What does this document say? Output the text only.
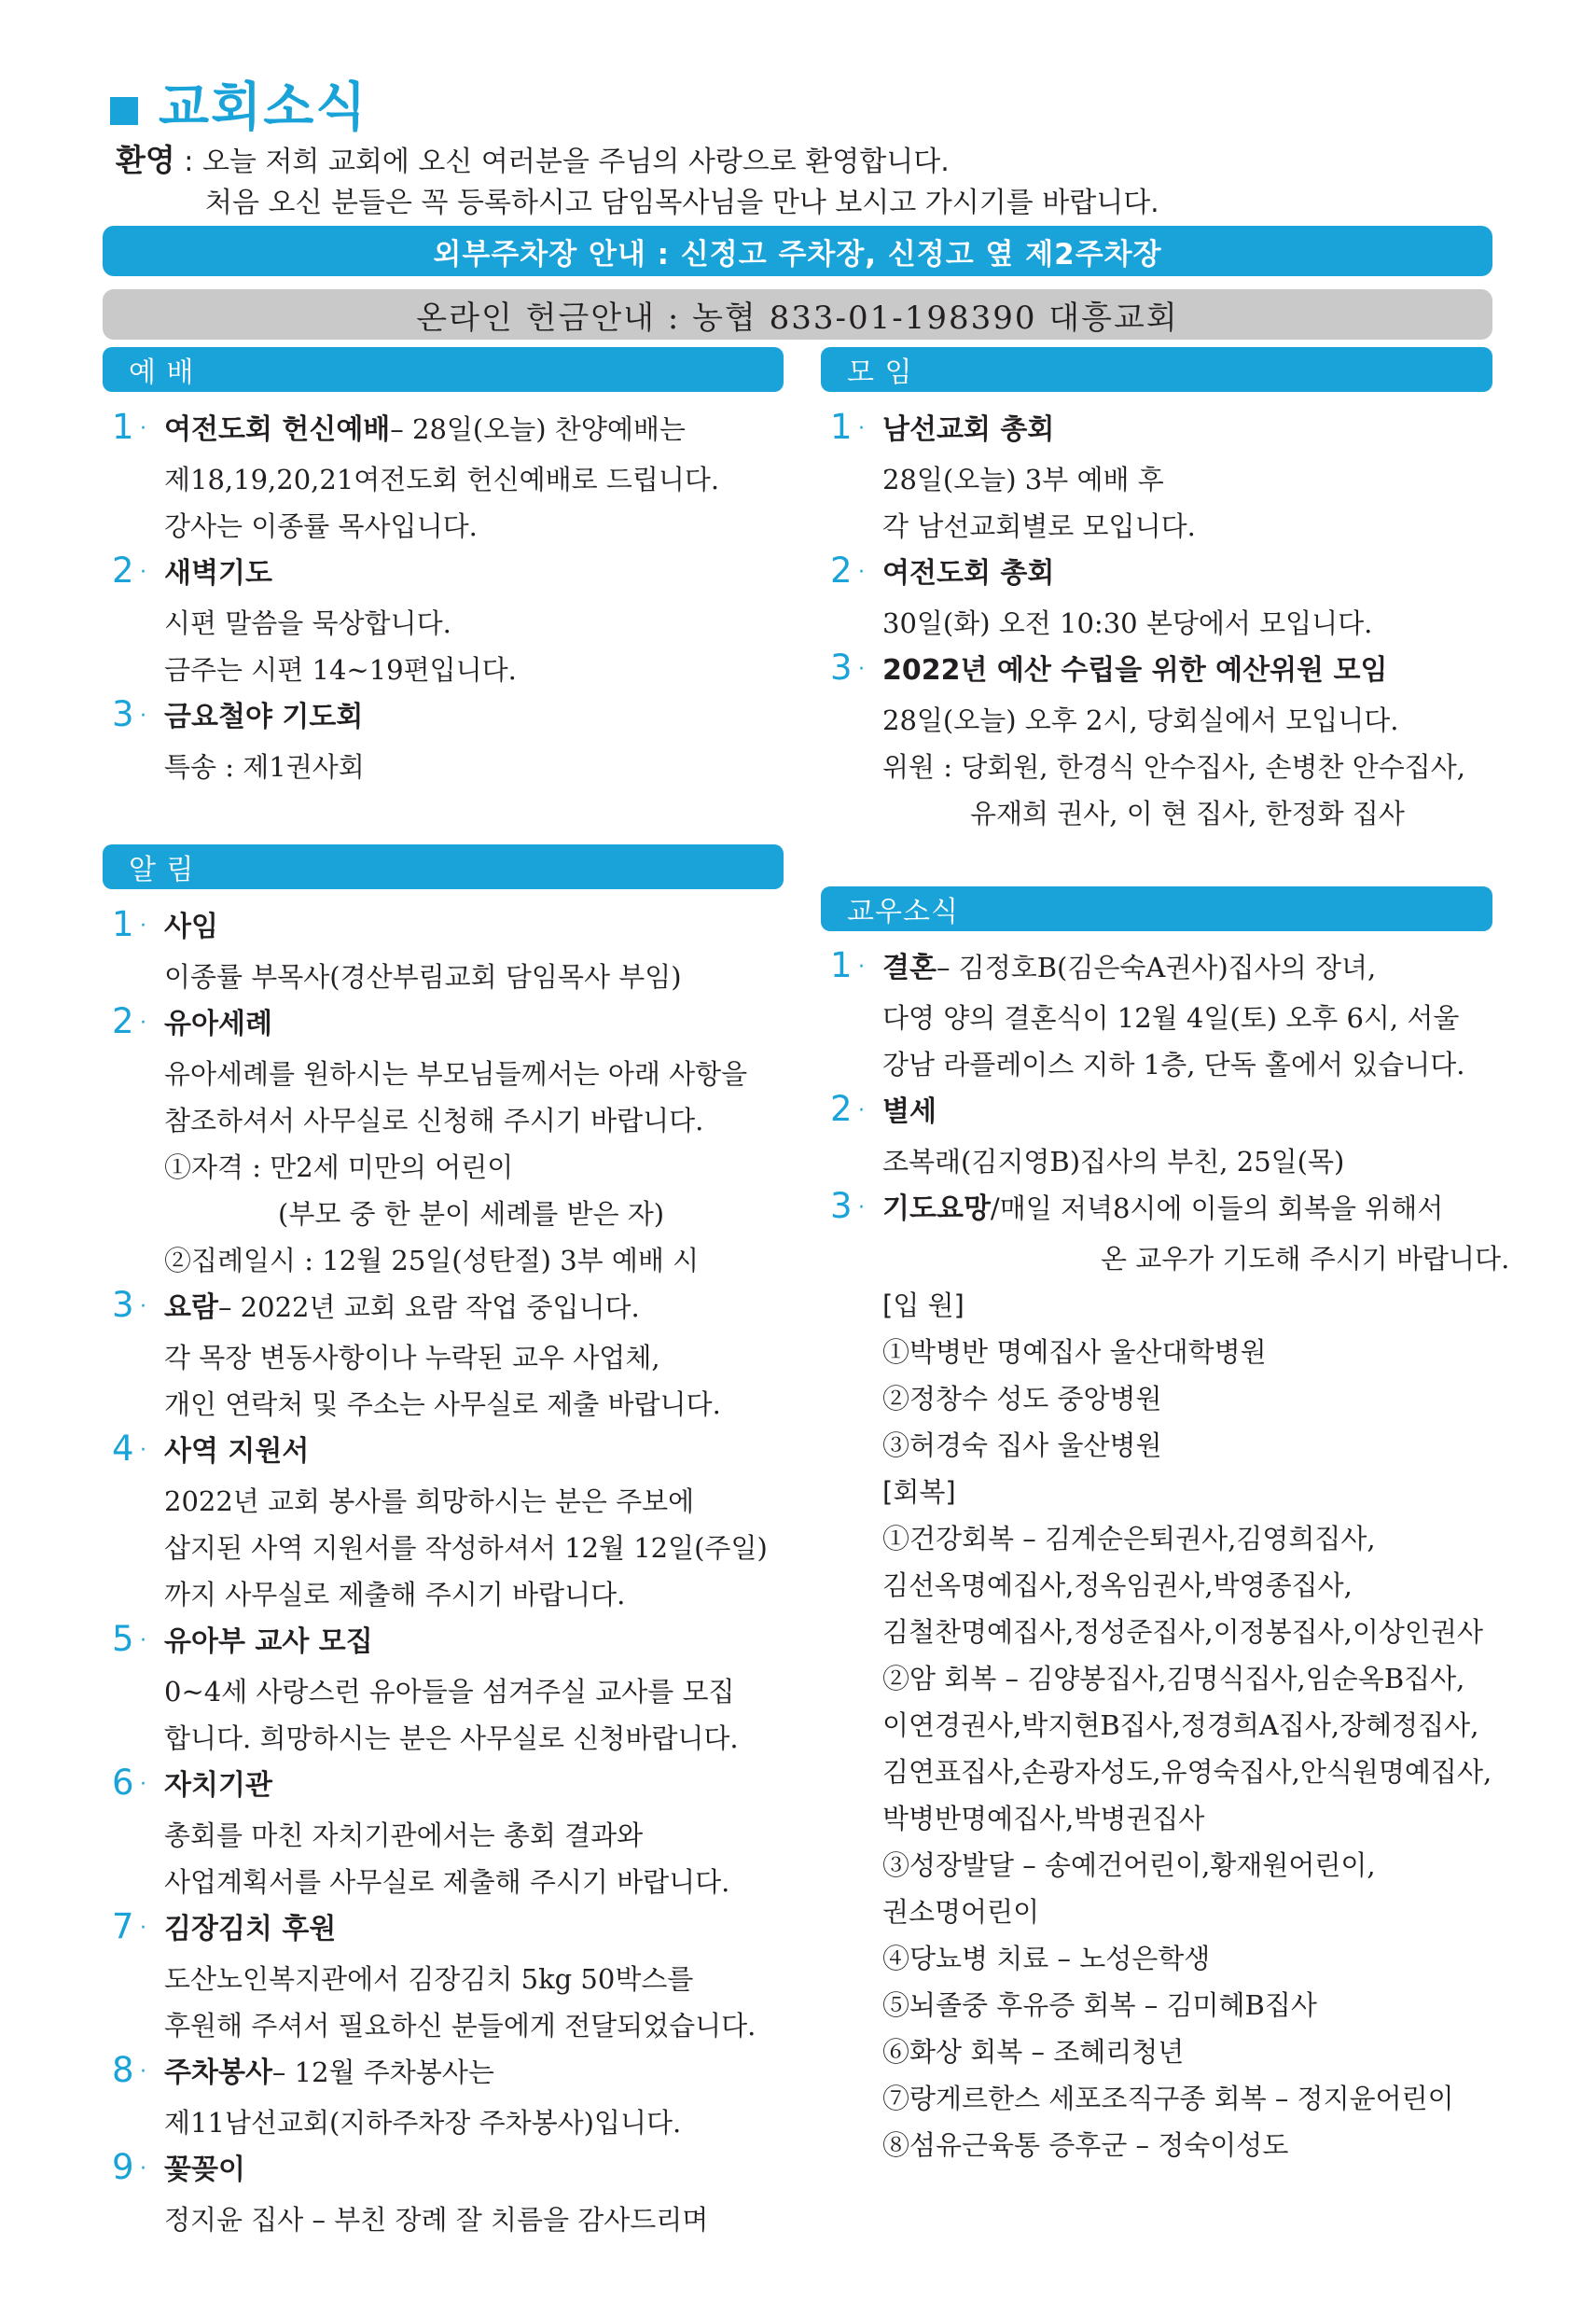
교회소식
환영 : 오늘 저희 교회에 오신 여러분을 주님의 사랑으로 환영합니다.
처음 오신 분들은 꼭 등록하시고 담임목사님을 만나 보시고 가시기를 바랍니다.
외부주차장 안내 : 신정고 주차장, 신정고 옆 제2주차장
온라인 헌금안내 : 농협 833-01-198390 대흥교회
예 배	모 임
알 림
교우소식
1 · 여전도회 헌신예배 – 28일(오늘) 찬양예배는
제18,19,20,21여전도회 헌신예배로 드립니다.
강사는 이종률 목사입니다.
2 · 새벽기도
시편 말씀을 묵상합니다.
금주는 시편 14~19편입니다.
3 · 금요철야 기도회
특송 : 제1권사회
1 · 사임
이종률 부목사(경산부림교회 담임목사 부임)
2 · 유아세례
유아세례를 원하시는 부모님들께서는 아래 사항을
참조하셔서 사무실로 신청해 주시기 바랍니다.
①자격 : 만2세 미만의 어린이
(부모 중 한 분이 세례를 받은 자)
②집례일시 : 12월 25일(성탄절) 3부 예배 시
3 · 요람 – 2022년 교회 요람 작업 중입니다.
각 목장 변동사항이나 누락된 교우 사업체,
개인 연락처 및 주소는 사무실로 제출 바랍니다.
4 · 사역 지원서
2022년 교회 봉사를 희망하시는 분은 주보에
삽지된 사역 지원서를 작성하셔서 12월 12일(주일)
까지 사무실로 제출해 주시기 바랍니다.
5 · 유아부 교사 모집
0~4세 사랑스런 유아들을 섬겨주실 교사를 모집
합니다. 희망하시는 분은 사무실로 신청바랍니다.
6 · 자치기관
총회를 마친 자치기관에서는 총회 결과와
사업계획서를 사무실로 제출해 주시기 바랍니다.
7 · 김장김치 후원
도산노인복지관에서 김장김치 5kg 50박스를
후원해 주셔서 필요하신 분들에게 전달되었습니다.
8 · 주차봉사 – 12월 주차봉사는
제11남선교회(지하주차장 주차봉사)입니다.
9 · 꽃꽂이
정지윤 집사 – 부친 장례 잘 치름을 감사드리며
1 · 남선교회 총회
28일(오늘) 3부 예배 후
각 남선교회별로 모입니다.
2 · 여전도회 총회
30일(화) 오전 10:30 본당에서 모입니다.
3 · 2022년 예산 수립을 위한 예산위원 모임
28일(오늘) 오후 2시, 당회실에서 모입니다.
위원 : 당회원, 한경식 안수집사, 손병찬 안수집사,
유재희 권사, 이 현 집사, 한정화 집사
1 · 결혼 – 김정호B(김은숙A권사)집사의 장녀,
다영 양의 결혼식이 12월 4일(토) 오후 6시, 서울
강남 라플레이스 지하 1층, 단독 홀에서 있습니다.
2 · 별세
조복래(김지영B)집사의 부친, 25일(목)
3 · 기도요망 /매일 저녁8시에 이들의 회복을 위해서
온 교우가 기도해 주시기 바랍니다.
[입 원]
①박병반 명예집사 울산대학병원
②정창수 성도 중앙병원
③허경숙 집사 울산병원
[회복]
①건강회복 – 김계순은퇴권사,김영희집사,
김선옥명예집사,정옥임권사,박영종집사,
김철찬명예집사,정성준집사,이정봉집사,이상인권사
②암 회복 – 김양봉집사,김명식집사,임순옥B집사,
이연경권사,박지현B집사,정경희A집사,장혜정집사,
김연표집사,손광자성도,유영숙집사,안식원명예집사,
박병반명예집사,박병권집사
③성장발달 – 송예건어린이,황재원어린이,
권소명어린이
④당뇨병 치료 – 노성은학생
⑤뇌졸중 후유증 회복 – 김미혜B집사
⑥화상 회복 – 조혜리청년
⑦랑게르한스 세포조직구종 회복 – 정지윤어린이
⑧섬유근육통 증후군 – 정숙이성도
